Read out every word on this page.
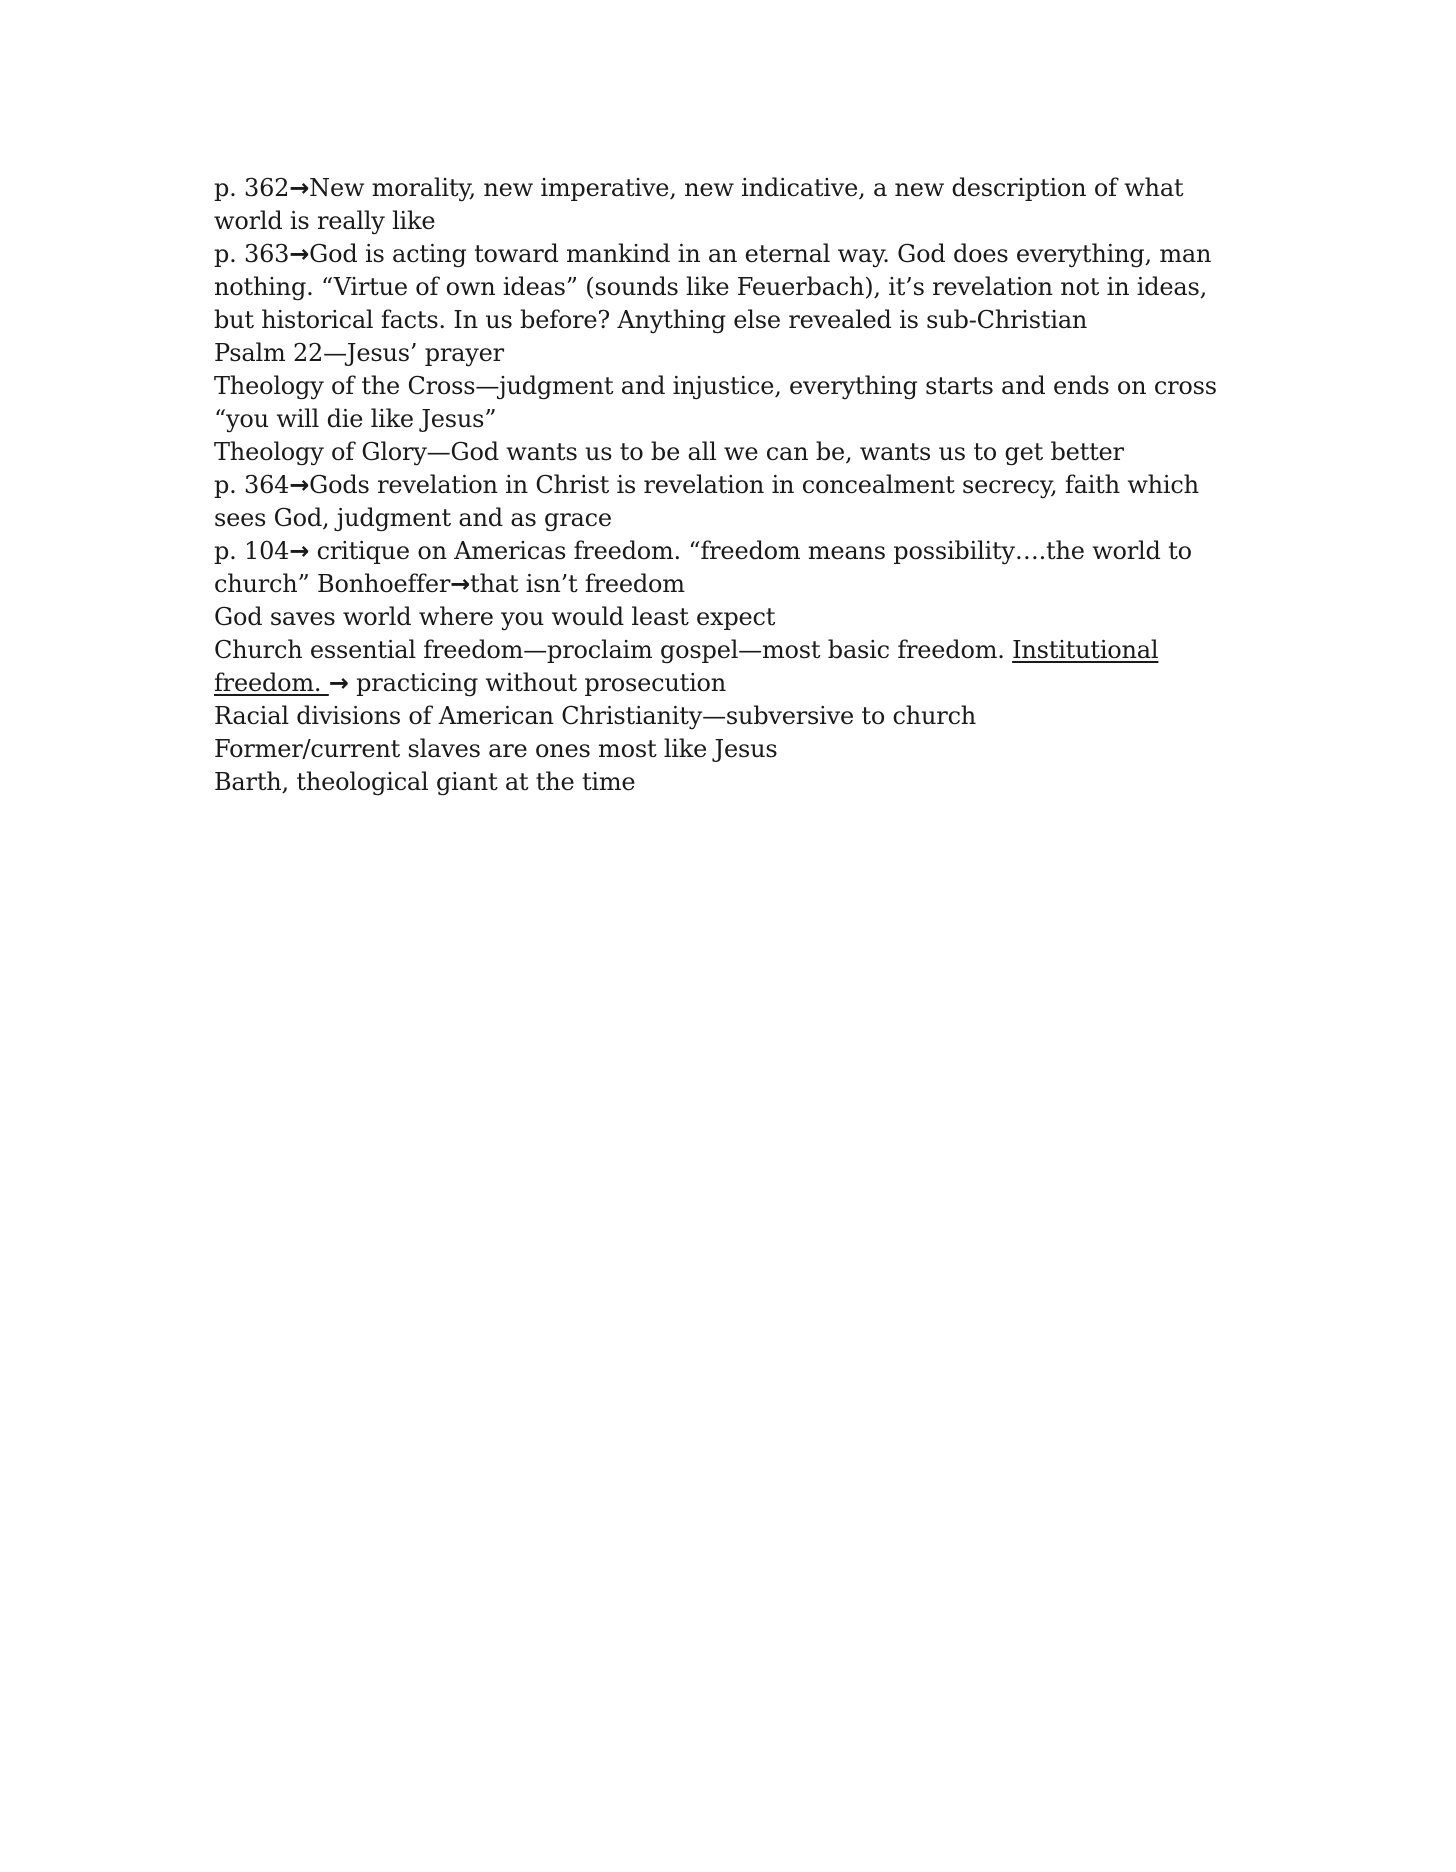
p. 362→New morality, new imperative, new indicative, a new description of what world is really like

p. 363→God is acting toward mankind in an eternal way. God does everything, man nothing. “Virtue of own ideas” (sounds like Feuerbach), it’s revelation not in ideas, but historical facts. In us before? Anything else revealed is sub-Christian

Psalm 22—Jesus’ prayer

Theology of the Cross—judgment and injustice, everything starts and ends on cross “you will die like Jesus”

Theology of Glory—God wants us to be all we can be, wants us to get better

p. 364→Gods revelation in Christ is revelation in concealment secrecy, faith which sees God, judgment and as grace

p. 104→ critique on Americas freedom. “freedom means possibility….the world to church” Bonhoeffer→that isn’t freedom

God saves world where you would least expect

Church essential freedom—proclaim gospel—most basic freedom. Institutional freedom. → practicing without prosecution

Racial divisions of American Christianity—subversive to church

Former/current slaves are ones most like Jesus

Barth, theological giant at the time
